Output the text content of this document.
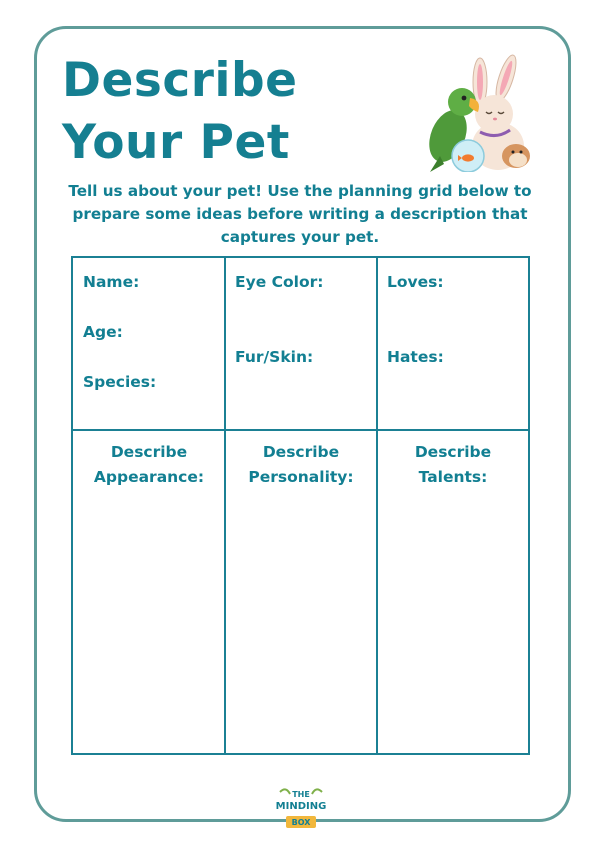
Describe Your Pet

Tell us about your pet! Use the planning grid below to prepare some ideas before writing a description that captures your pet.

Name:
Age:
Species:
Eye Color:
Fur/Skin:
Loves:
Hates:
Describe
Appearance:
Describe
Personality:
Describe
Talents:
THE
MINDING
BOX
